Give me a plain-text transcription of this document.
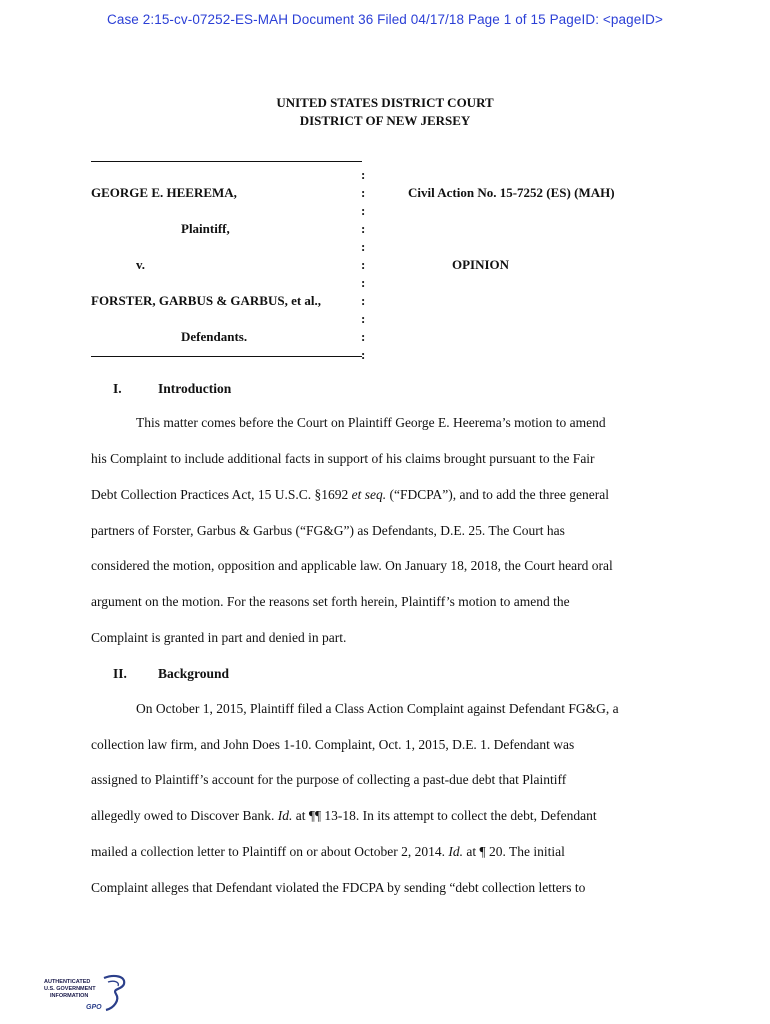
Case 2:15-cv-07252-ES-MAH Document 36 Filed 04/17/18 Page 1 of 15 PageID: <pageID>
UNITED STATES DISTRICT COURT
DISTRICT OF NEW JERSEY
:
:
:
:
:
:
:
:
:
:
:
GEORGE E. HEEREMA,
Plaintiff,
v.
FORSTER, GARBUS & GARBUS, et al.,
Defendants.
Civil Action No. 15-7252 (ES) (MAH)
OPINION
I.	Introduction
This matter comes before the Court on Plaintiff George E. Heerema’s motion to amend
his Complaint to include additional facts in support of his claims brought pursuant to the Fair
Debt Collection Practices Act, 15 U.S.C. §1692 et seq. (“FDCPA”), and to add the three general
partners of Forster, Garbus & Garbus (“FG&G”) as Defendants, D.E. 25. The Court has
considered the motion, opposition and applicable law. On January 18, 2018, the Court heard oral
argument on the motion. For the reasons set forth herein, Plaintiff’s motion to amend the
Complaint is granted in part and denied in part.
II. Background
On October 1, 2015, Plaintiff filed a Class Action Complaint against Defendant FG&G, a
collection law firm, and John Does 1-10. Complaint, Oct. 1, 2015, D.E. 1. Defendant was
assigned to Plaintiff’s account for the purpose of collecting a past-due debt that Plaintiff
allegedly owed to Discover Bank. Id. at ¶¶ 13-18. In its attempt to collect the debt, Defendant
mailed a collection letter to Plaintiff on or about October 2, 2014. Id. at ¶ 20. The initial
Complaint alleges that Defendant violated the FDCPA by sending “debt collection letters to
AUTHENTICATED
U.S. GOVERNMENT
INFORMATION
GPO
